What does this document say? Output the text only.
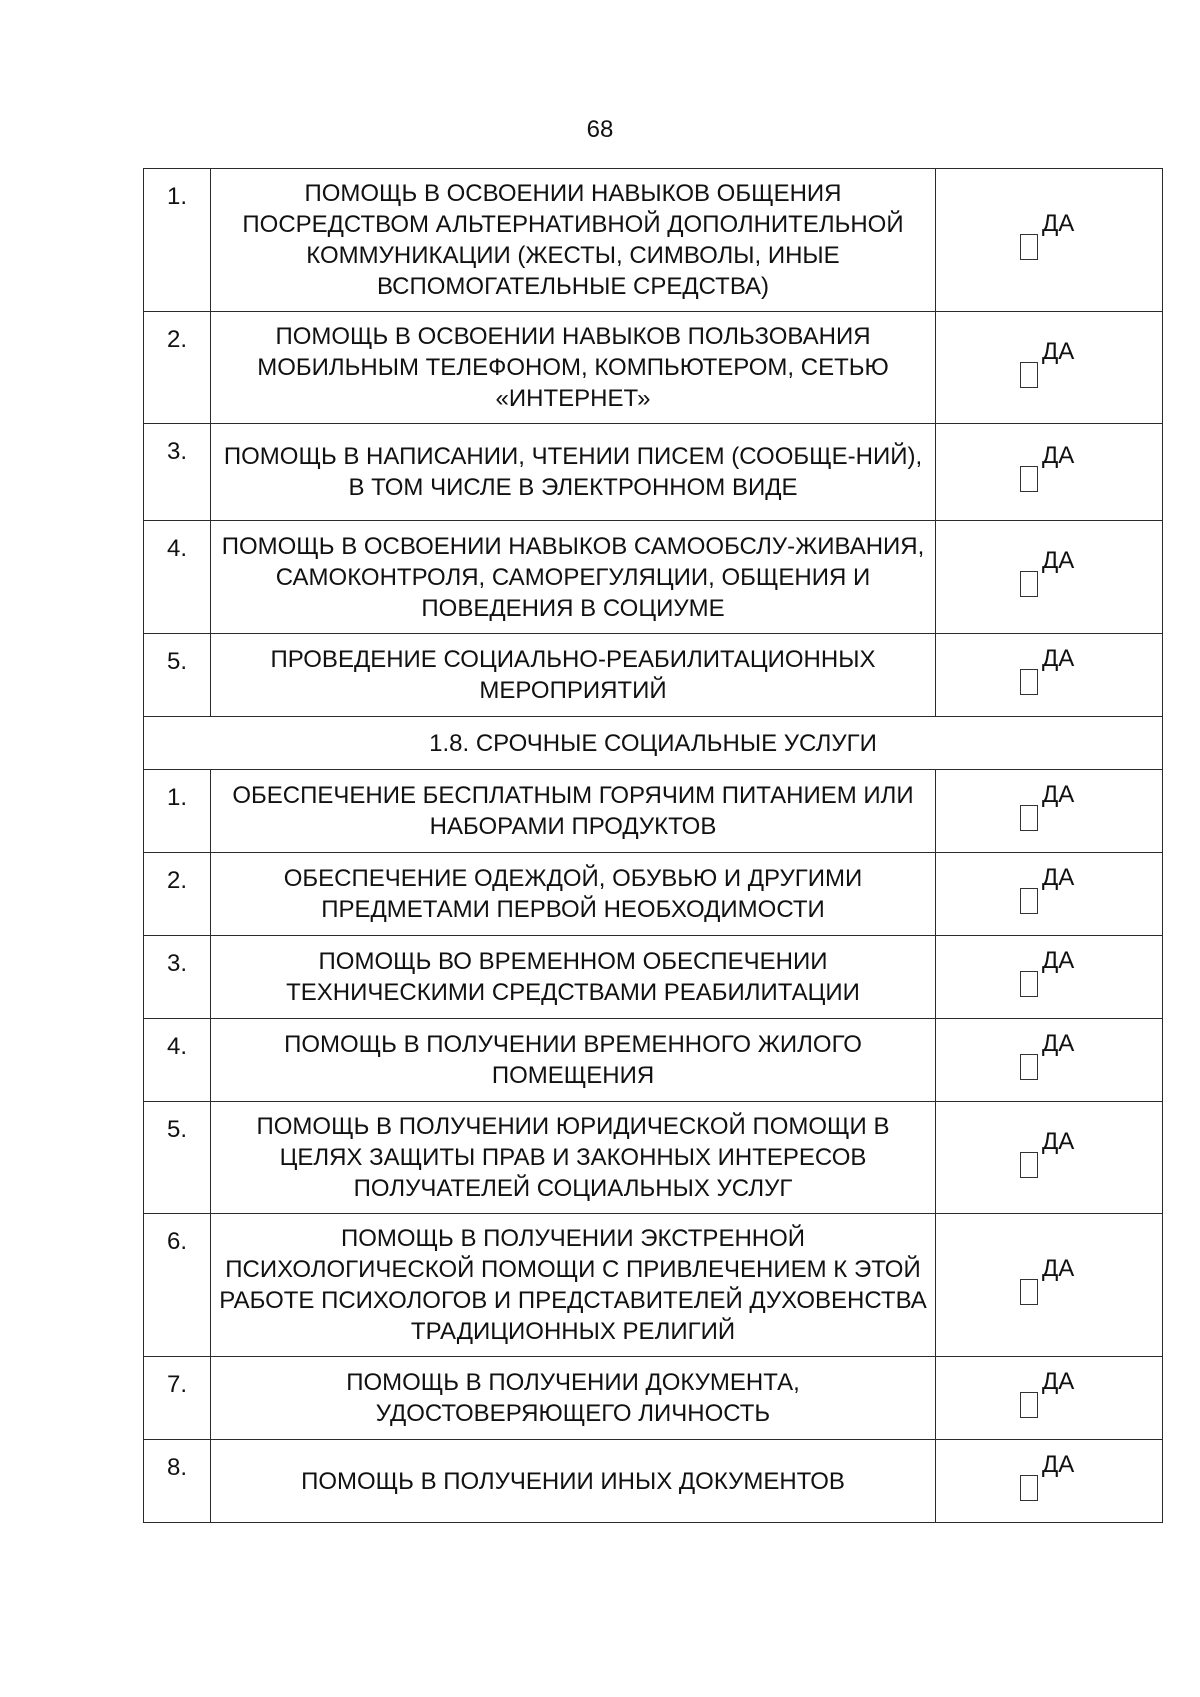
68
1.	ПОМОЩЬ В ОСВОЕНИИ НАВЫКОВ ОБЩЕНИЯ ПОСРЕДСТВОМ АЛЬТЕРНАТИВНОЙ ДОПОЛНИТЕЛЬНОЙ КОММУНИКАЦИИ (ЖЕСТЫ, СИМВОЛЫ, ИНЫЕ ВСПОМОГАТЕЛЬНЫЕ СРЕДСТВА)	ДА

2.	ПОМОЩЬ В ОСВОЕНИИ НАВЫКОВ ПОЛЬЗОВАНИЯ МОБИЛЬНЫМ ТЕЛЕФОНОМ, КОМПЬЮТЕРОМ, СЕТЬЮ «ИНТЕРНЕТ»	ДА

3.	ПОМОЩЬ В НАПИСАНИИ, ЧТЕНИИ ПИСЕМ (СООБЩЕ-НИЙ), В ТОМ ЧИСЛЕ В ЭЛЕКТРОННОМ ВИДЕ	ДА

4.	ПОМОЩЬ В ОСВОЕНИИ НАВЫКОВ САМООБСЛУ-ЖИВАНИЯ, САМОКОНТРОЛЯ, САМОРЕГУЛЯЦИИ, ОБЩЕНИЯ И ПОВЕДЕНИЯ В СОЦИУМЕ	ДА

5.	ПРОВЕДЕНИЕ СОЦИАЛЬНО-РЕАБИЛИТАЦИОННЫХ МЕРОПРИЯТИЙ	ДА

1.8. СРОЧНЫЕ СОЦИАЛЬНЫЕ УСЛУГИ		
1.	ОБЕСПЕЧЕНИЕ БЕСПЛАТНЫМ ГОРЯЧИМ ПИТАНИЕМ ИЛИ НАБОРАМИ ПРОДУКТОВ	ДА

2.	ОБЕСПЕЧЕНИЕ ОДЕЖДОЙ, ОБУВЬЮ И ДРУГИМИ ПРЕДМЕТАМИ ПЕРВОЙ НЕОБХОДИМОСТИ	ДА

3.	ПОМОЩЬ ВО ВРЕМЕННОМ ОБЕСПЕЧЕНИИ ТЕХНИЧЕСКИМИ СРЕДСТВАМИ РЕАБИЛИТАЦИИ	ДА

4.	ПОМОЩЬ В ПОЛУЧЕНИИ ВРЕМЕННОГО ЖИЛОГО ПОМЕЩЕНИЯ	ДА

5.	ПОМОЩЬ В ПОЛУЧЕНИИ ЮРИДИЧЕСКОЙ ПОМОЩИ В ЦЕЛЯХ ЗАЩИТЫ ПРАВ И ЗАКОННЫХ ИНТЕРЕСОВ ПОЛУЧАТЕЛЕЙ СОЦИАЛЬНЫХ УСЛУГ	ДА

6.	ПОМОЩЬ В ПОЛУЧЕНИИ ЭКСТРЕННОЙ ПСИХОЛОГИЧЕСКОЙ ПОМОЩИ С ПРИВЛЕЧЕНИЕМ К ЭТОЙ РАБОТЕ ПСИХОЛОГОВ И ПРЕДСТАВИТЕЛЕЙ ДУХОВЕНСТВА ТРАДИЦИОННЫХ РЕЛИГИЙ	ДА

7.	ПОМОЩЬ В ПОЛУЧЕНИИ ДОКУМЕНТА, УДОСТОВЕРЯЮЩЕГО ЛИЧНОСТЬ	ДА

8.	ПОМОЩЬ В ПОЛУЧЕНИИ ИНЫХ ДОКУМЕНТОВ	ДА
